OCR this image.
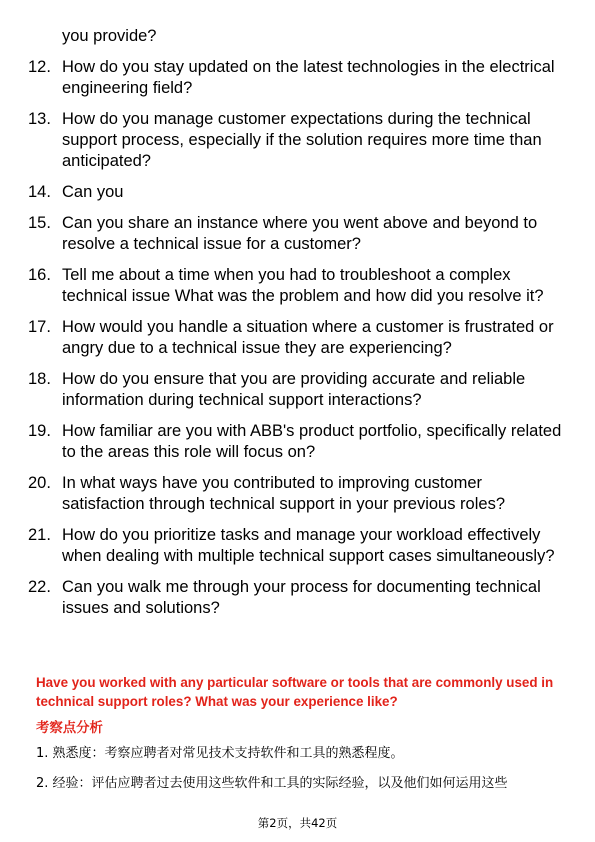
you provide?
12. How do you stay updated on the latest technologies in the electrical engineering field?
13. How do you manage customer expectations during the technical support process, especially if the solution requires more time than anticipated?
14. Can you
15. Can you share an instance where you went above and beyond to resolve a technical issue for a customer?
16. Tell me about a time when you had to troubleshoot a complex technical issue What was the problem and how did you resolve it?
17. How would you handle a situation where a customer is frustrated or angry due to a technical issue they are experiencing?
18. How do you ensure that you are providing accurate and reliable information during technical support interactions?
19. How familiar are you with ABB's product portfolio, specifically related to the areas this role will focus on?
20. In what ways have you contributed to improving customer satisfaction through technical support in your previous roles?
21. How do you prioritize tasks and manage your workload effectively when dealing with multiple technical support cases simultaneously?
22. Can you walk me through your process for documenting technical issues and solutions?
Have you worked with any particular software or tools that are commonly used in technical support roles? What was your experience like?
考察点分析
1. 熟悉度：考察应聘者对常见技术支持软件和工具的熟悉程度。
2. 经验：评估应聘者过去使用这些软件和工具的实际经验，以及他们如何运用这些
第2页，共42页
